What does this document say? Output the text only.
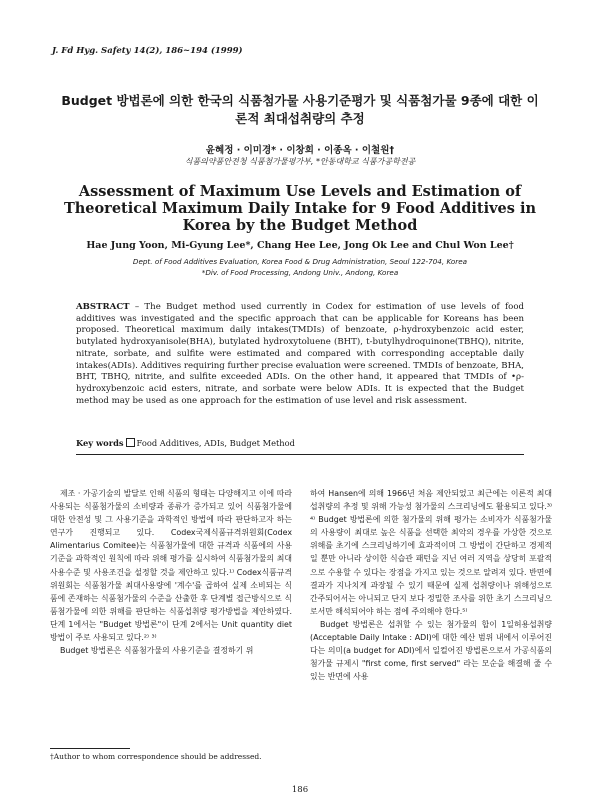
J. Fd Hyg. Safety 14(2), 186~194 (1999)
Budget 방법론에 의한 한국의 식품첨가물 사용기준평가 및 식품첨가물 9종에 대한 이론적 최대섭취량의 추정
윤혜정 · 이미경* · 이창희 · 이종옥 · 이철원†
식품의약품안전청 식품첨가물평가부, *안동대학교 식품가공학전공
Assessment of Maximum Use Levels and Estimation of Theoretical Maximum Daily Intake for 9 Food Additives in Korea by the Budget Method
Hae Jung Yoon, Mi-Gyung Lee*, Chang Hee Lee, Jong Ok Lee and Chul Won Lee†
Dept. of Food Additives Evaluation, Korea Food & Drug Administration, Seoul 122-704, Korea
*Div. of Food Processing, Andong Univ., Andong, Korea
ABSTRACT – The Budget method used currently in Codex for estimation of use levels of food additives was investigated and the specific approach that can be applicable for Koreans has been proposed. Theoretical maximum daily intakes(TMDIs) of benzoate, ρ-hydroxybenzoic acid ester, butylated hydroxyanisole(BHA), butylated hydroxytoluene (BHT), t-butylhydroquinone(TBHQ), nitrite, nitrate, sorbate, and sulfite were estimated and compared with corresponding acceptable daily intakes(ADIs). Additives requiring further precise evaluation were screened. TMDIs of benzoate, BHA, BHT, TBHQ, nitrite, and sulfite exceeded ADIs. On the other hand, it appeared that TMDIs of •ρ-hydroxybenzoic acid esters, nitrate, and sorbate were below ADIs. It is expected that the Budget method may be used as one approach for the estimation of use level and risk assessment.
Key words Food Additives, ADIs, Budget Method

제조 · 가공기술의 발달로 인해 식품의 형태는 다양해지고 이에 따라 사용되는 식품첨가물의 소비량과 종류가 증가되고 있어 식품첨가물에 대한 안전성 및 그 사용기준을 과학적인 방법에 따라 판단하고자 하는 연구가 진행되고 있다. Codex국제식품규격위원회(Codex Alimentarius Comitee)는 식품첨가물에 대한 규격과 식품에의 사용기준을 과학적인 원칙에 따라 위해 평가를 실시하여 식품첨가물의 최대 사용수준 및 사용조건을 설정할 것을 제안하고 있다.¹⁾ Codex식품규격위원회는 식품첨가물 최대사용량에 '계수'를 곱하여 실제 소비되는 식품에 존재하는 식품첨가물의 수준을 산출한 후 단계별 접근방식으로 식품첨가물에 의한 위해를 판단하는 식품섭취량 평가방법을 제안하였다. 단계 1에서는 "Budget 방법론"이 단계 2에서는 Unit quantity diet 방법이 주로 사용되고 있다.²⁾ ³⁾

Budget 방법론은 식품첨가물의 사용기준을 결정하기 위

하여 Hansen에 의해 1966년 처음 제안되었고 최근에는 이론적 최대섭취량의 추정 및 위해 가능성 첨가물의 스크리닝에도 활용되고 있다.³⁾⁴⁾ Budget 방법론에 의한 첨가물의 위해 평가는 소비자가 식품첨가물의 사용량이 최대로 높은 식품을 선택한 최악의 경우를 가상한 것으로 위해를 초기에 스크리닝하기에 효과적이며 그 방법이 간단하고 경제적일 뿐만 아니라 상이한 식습관 패턴을 지닌 여러 지역을 상당히 포괄적으로 수용할 수 있다는 장점을 가지고 있는 것으로 알려져 있다. 반면에 결과가 지나치게 과장될 수 있기 때문에 실제 섭취량이나 위해성으로 간주되어서는 아니되고 단지 보다 정밀한 조사를 위한 초기 스크리닝으로서만 해석되어야 하는 점에 주의해야 한다.⁵⁾

Budget 방법론은 섭취할 수 있는 첨가물의 합이 1일허용섭취량(Acceptable Daily Intake : ADI)에 대한 예산 범위 내에서 이루어진다는 의미(a budget for ADI)에서 일컬어진 방법론으로서 가공식품의 첨가물 규제시 "first come, first served" 라는 모순을 해결해 줄 수 있는 반면에 사용

†Author to whom correspondence should be addressed.
186
